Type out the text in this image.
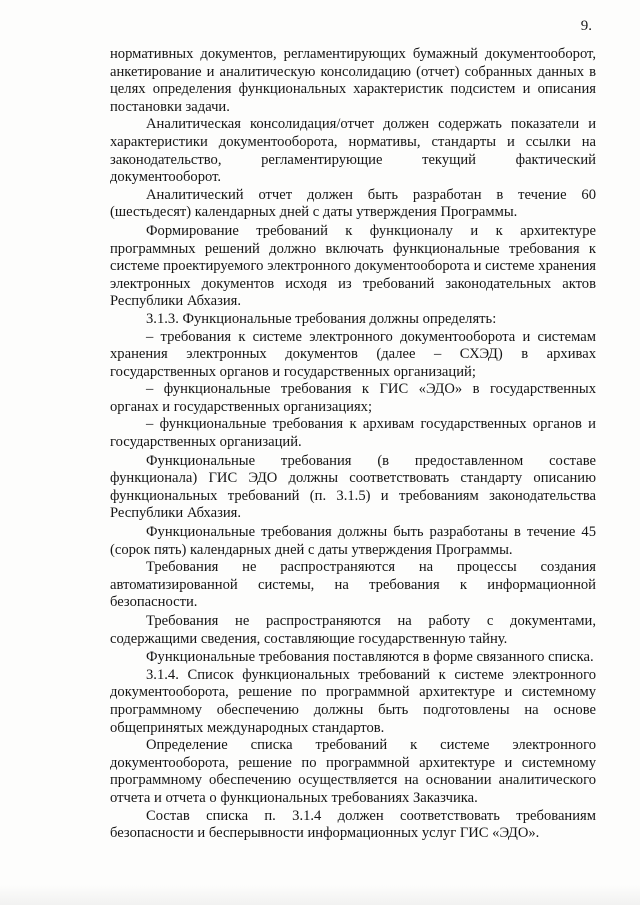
9.

нормативных документов, регламентирующих бумажный документооборот, анкетирование и аналитическую консолидацию (отчет) собранных данных в целях определения функциональных характеристик подсистем и описания постановки задачи.

Аналитическая консолидация/отчет должен содержать показатели и характеристики документооборота, нормативы, стандарты и ссылки на законодательство, регламентирующие текущий фактический документооборот.

Аналитический отчет должен быть разработан в течение 60 (шестьдесят) календарных дней с даты утверждения Программы.

Формирование требований к функционалу и к архитектуре программных решений должно включать функциональные требования к системе проектируемого электронного документооборота и системе хранения электронных документов исходя из требований законодательных актов Республики Абхазия.

3.1.3. Функциональные требования должны определять:

– требования к системе электронного документооборота и системам хранения электронных документов (далее – СХЭД) в архивах государственных органов и государственных организаций;

– функциональные требования к ГИС «ЭДО» в государственных органах и государственных организациях;

– функциональные требования к архивам государственных органов и государственных организаций.

Функциональные требования (в предоставленном составе функционала) ГИС ЭДО должны соответствовать стандарту описанию функциональных требований (п. 3.1.5) и требованиям законодательства Республики Абхазия.

Функциональные требования должны быть разработаны в течение 45 (сорок пять) календарных дней с даты утверждения Программы.

Требования не распространяются на процессы создания автоматизированной системы, на требования к информационной безопасности.

Требования не распространяются на работу с документами, содержащими сведения, составляющие государственную тайну.

Функциональные требования поставляются в форме связанного списка.

3.1.4. Список функциональных требований к системе электронного документооборота, решение по программной архитектуре и системному программному обеспечению должны быть подготовлены на основе общепринятых международных стандартов.

Определение списка требований к системе электронного документооборота, решение по программной архитектуре и системному программному обеспечению осуществляется на основании аналитического отчета и отчета о функциональных требованиях Заказчика.

Состав списка п. 3.1.4 должен соответствовать требованиям безопасности и бесперывности информационных услуг ГИС «ЭДО».
